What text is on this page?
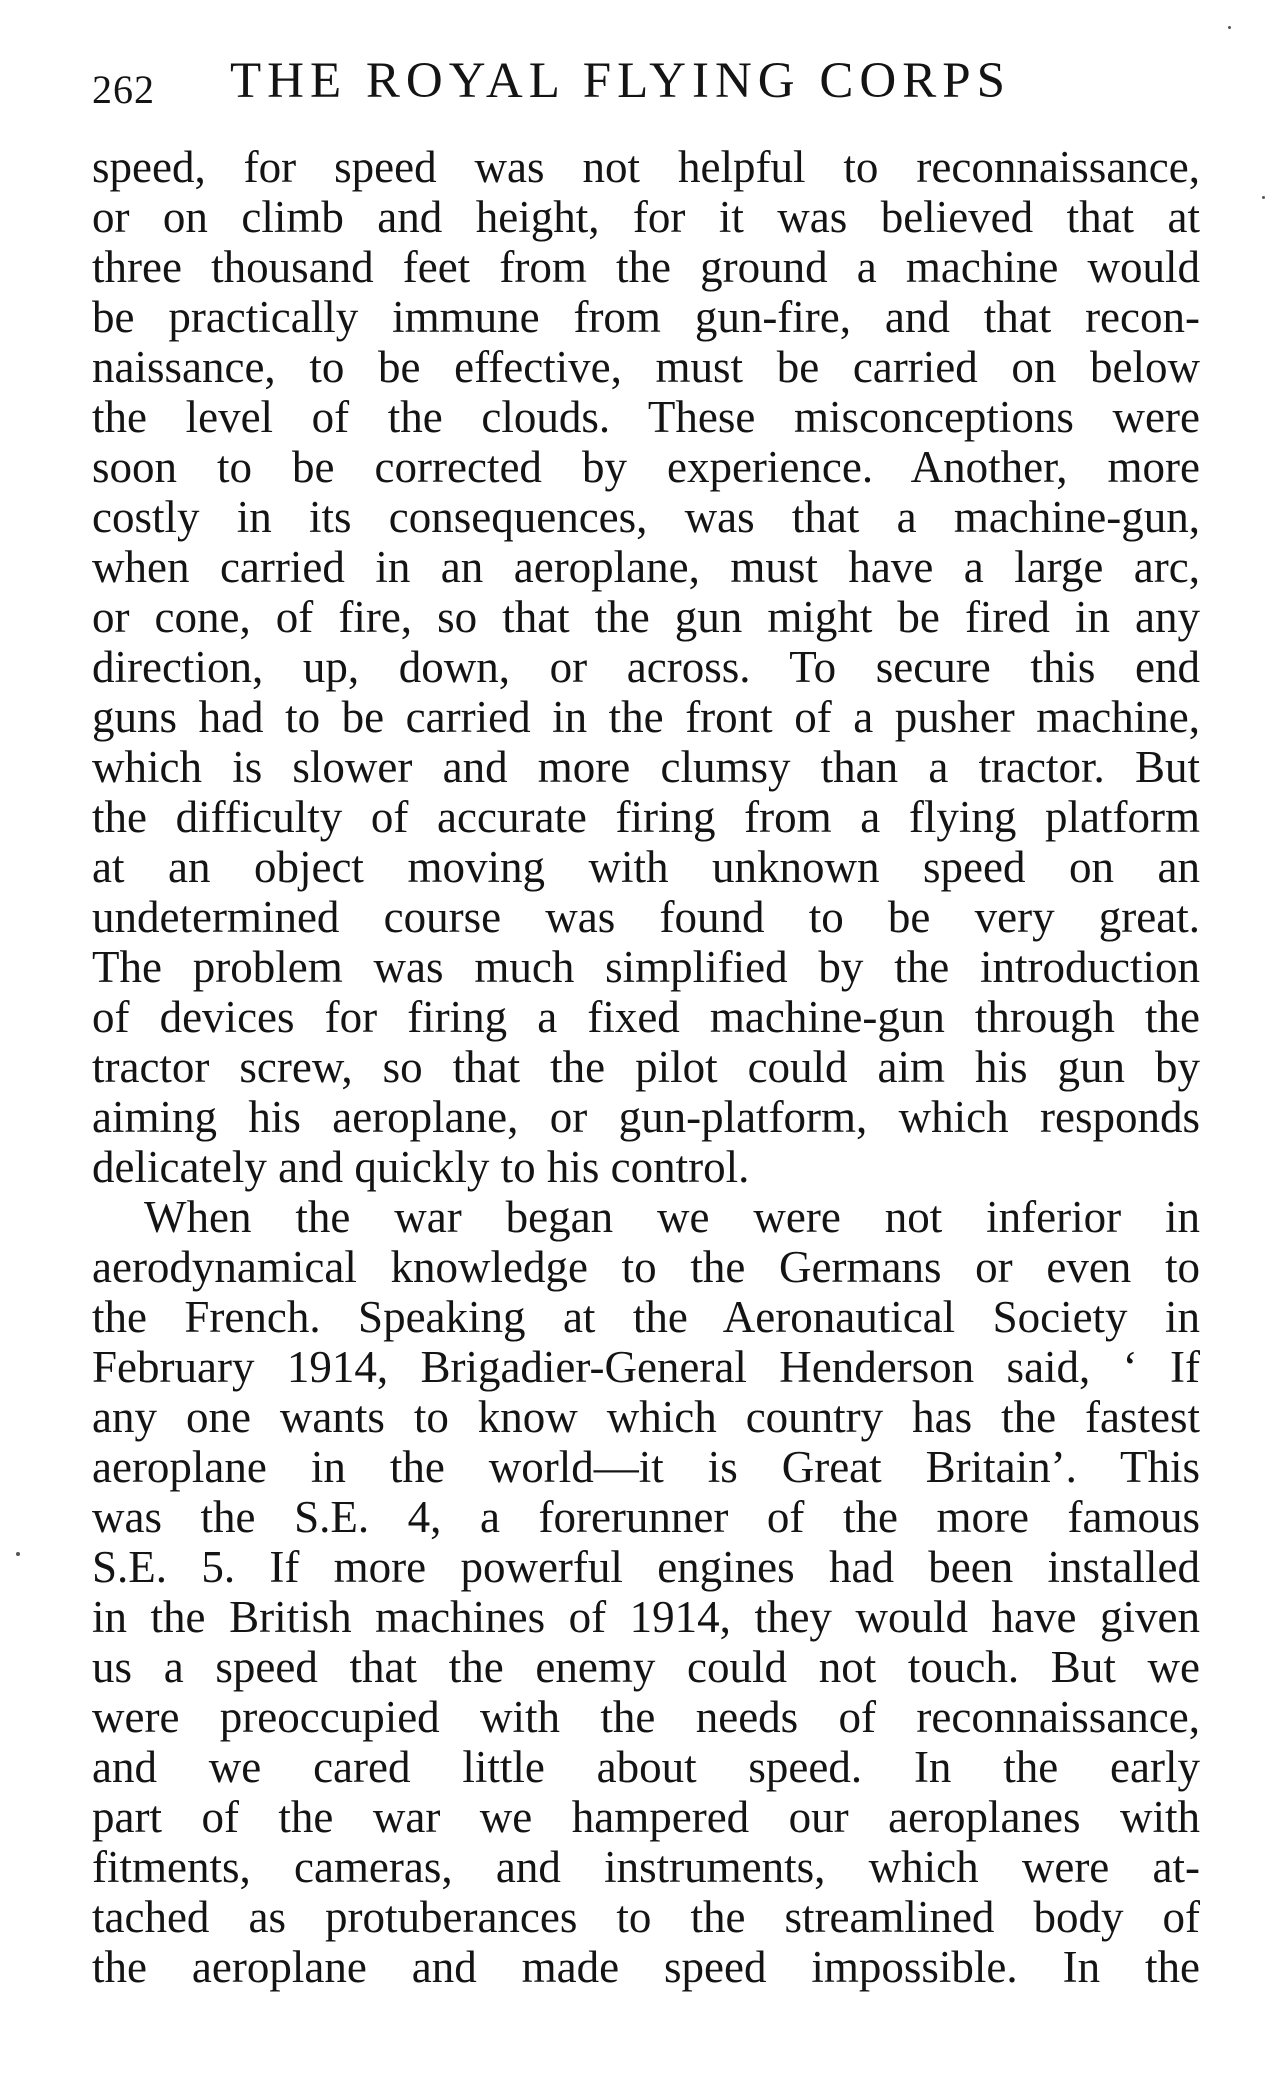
262 THE ROYAL FLYING CORPS
speed, for speed was not helpful to reconnaissance,
or on climb and height, for it was believed that at
three thousand feet from the ground a machine would
be practically immune from gun-fire, and that recon-
naissance, to be effective, must be carried on below
the level of the clouds. These misconceptions were
soon to be corrected by experience. Another, more
costly in its consequences, was that a machine-gun,
when carried in an aeroplane, must have a large arc,
or cone, of fire, so that the gun might be fired in any
direction, up, down, or across. To secure this end
guns had to be carried in the front of a pusher machine,
which is slower and more clumsy than a tractor. But
the difficulty of accurate firing from a flying platform
at an object moving with unknown speed on an
undetermined course was found to be very great.
The problem was much simplified by the introduction
of devices for firing a fixed machine-gun through the
tractor screw, so that the pilot could aim his gun by
aiming his aeroplane, or gun-platform, which responds
delicately and quickly to his control.
When the war began we were not inferior in
aerodynamical knowledge to the Germans or even to
the French. Speaking at the Aeronautical Society in
February 1914, Brigadier-General Henderson said, ‘ If
any one wants to know which country has the fastest
aeroplane in the world—it is Great Britain’. This
was the S.E. 4, a forerunner of the more famous
S.E. 5. If more powerful engines had been installed
in the British machines of 1914, they would have given
us a speed that the enemy could not touch. But we
were preoccupied with the needs of reconnaissance,
and we cared little about speed. In the early
part of the war we hampered our aeroplanes with
fitments, cameras, and instruments, which were at-
tached as protuberances to the streamlined body of
the aeroplane and made speed impossible. In the
